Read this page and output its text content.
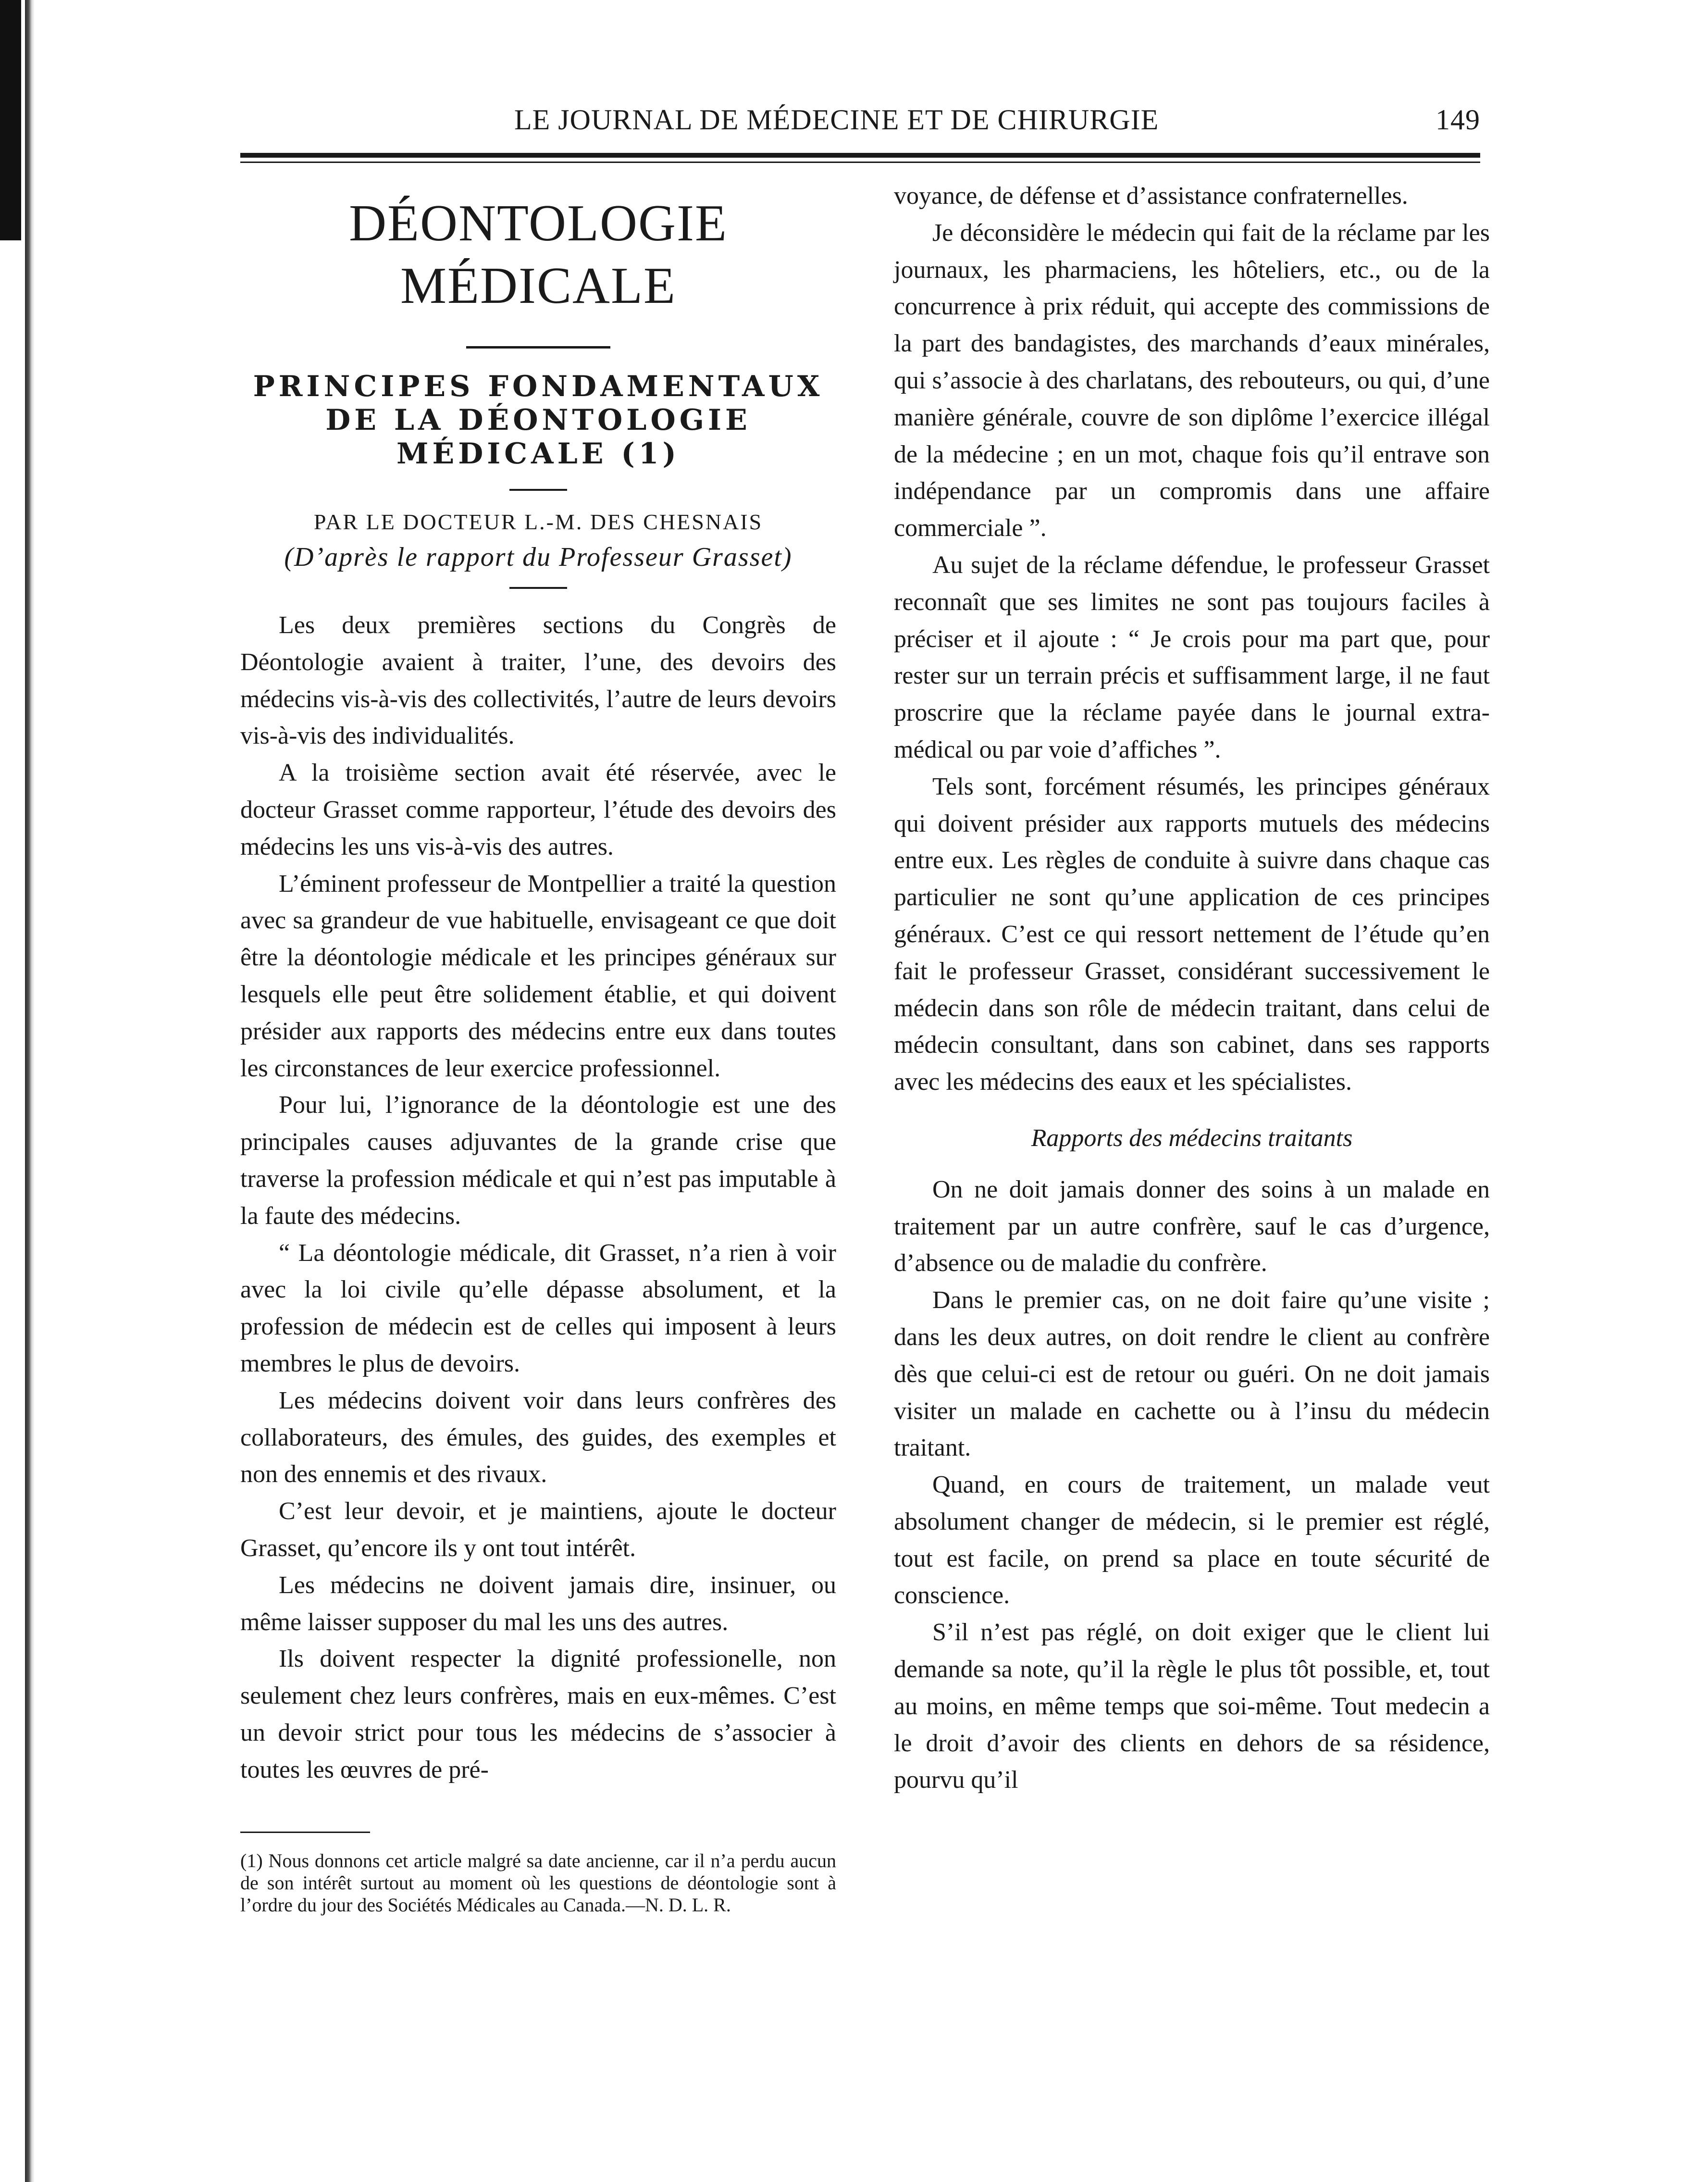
LE JOURNAL DE MÉDECINE ET DE CHIRURGIE	149
DÉONTOLOGIE MÉDICALE
PRINCIPES FONDAMENTAUX
DE LA DÉONTOLOGIE
MÉDICALE (1)
PAR LE DOCTEUR L.-M. DES CHESNAIS
(D’après le rapport du Professeur Grasset)

Les deux premières sections du Congrès de Déontologie avaient à traiter, l’une, des devoirs des médecins vis-à-vis des collectivités, l’autre de leurs devoirs vis-à-vis des individualités.

A la troisième section avait été réservée, avec le docteur Grasset comme rapporteur, l’étude des devoirs des médecins les uns vis-à-vis des autres.

L’éminent professeur de Montpellier a traité la question avec sa grandeur de vue habituelle, envisageant ce que doit être la déontologie médicale et les principes généraux sur lesquels elle peut être solidement établie, et qui doivent présider aux rapports des médecins entre eux dans toutes les circonstances de leur exercice professionnel.

Pour lui, l’ignorance de la déontologie est une des principales causes adjuvantes de la grande crise que traverse la profession médicale et qui n’est pas imputable à la faute des médecins.

“ La déontologie médicale, dit Grasset, n’a rien à voir avec la loi civile qu’elle dépasse absolument, et la profession de médecin est de celles qui imposent à leurs membres le plus de devoirs.

Les médecins doivent voir dans leurs confrères des collaborateurs, des émules, des guides, des exemples et non des ennemis et des rivaux.

C’est leur devoir, et je maintiens, ajoute le docteur Grasset, qu’encore ils y ont tout intérêt.

Les médecins ne doivent jamais dire, insinuer, ou même laisser supposer du mal les uns des autres.

Ils doivent respecter la dignité professionelle, non seulement chez leurs confrères, mais en eux-mêmes. C’est un devoir strict pour tous les médecins de s’associer à toutes les œuvres de pré-

(1) Nous donnons cet article malgré sa date ancienne, car il n’a perdu aucun de son intérêt surtout au moment où les questions de déontologie sont à l’ordre du jour des Sociétés Médicales au Canada.—N. D. L. R.

voyance, de défense et d’assistance confraternelles.

Je déconsidère le médecin qui fait de la réclame par les journaux, les pharmaciens, les hôteliers, etc., ou de la concurrence à prix réduit, qui accepte des commissions de la part des bandagistes, des marchands d’eaux minérales, qui s’associe à des charlatans, des rebouteurs, ou qui, d’une manière générale, couvre de son diplôme l’exercice illégal de la médecine ; en un mot, chaque fois qu’il entrave son indépendance par un compromis dans une affaire commerciale ”.

Au sujet de la réclame défendue, le professeur Grasset reconnaît que ses limites ne sont pas toujours faciles à préciser et il ajoute : “ Je crois pour ma part que, pour rester sur un terrain précis et suffisamment large, il ne faut proscrire que la réclame payée dans le journal extra-médical ou par voie d’affiches ”.

Tels sont, forcément résumés, les principes généraux qui doivent présider aux rapports mutuels des médecins entre eux. Les règles de conduite à suivre dans chaque cas particulier ne sont qu’une application de ces principes généraux. C’est ce qui ressort nettement de l’étude qu’en fait le professeur Grasset, considérant successivement le médecin dans son rôle de médecin traitant, dans celui de médecin consultant, dans son cabinet, dans ses rapports avec les médecins des eaux et les spécialistes.

Rapports des médecins traitants

On ne doit jamais donner des soins à un malade en traitement par un autre confrère, sauf le cas d’urgence, d’absence ou de maladie du confrère.

Dans le premier cas, on ne doit faire qu’une visite ; dans les deux autres, on doit rendre le client au confrère dès que celui-ci est de retour ou guéri. On ne doit jamais visiter un malade en cachette ou à l’insu du médecin traitant.

Quand, en cours de traitement, un malade veut absolument changer de médecin, si le premier est réglé, tout est facile, on prend sa place en toute sécurité de conscience.

S’il n’est pas réglé, on doit exiger que le client lui demande sa note, qu’il la règle le plus tôt possible, et, tout au moins, en même temps que soi-même. Tout medecin a le droit d’avoir des clients en dehors de sa résidence, pourvu qu’il
